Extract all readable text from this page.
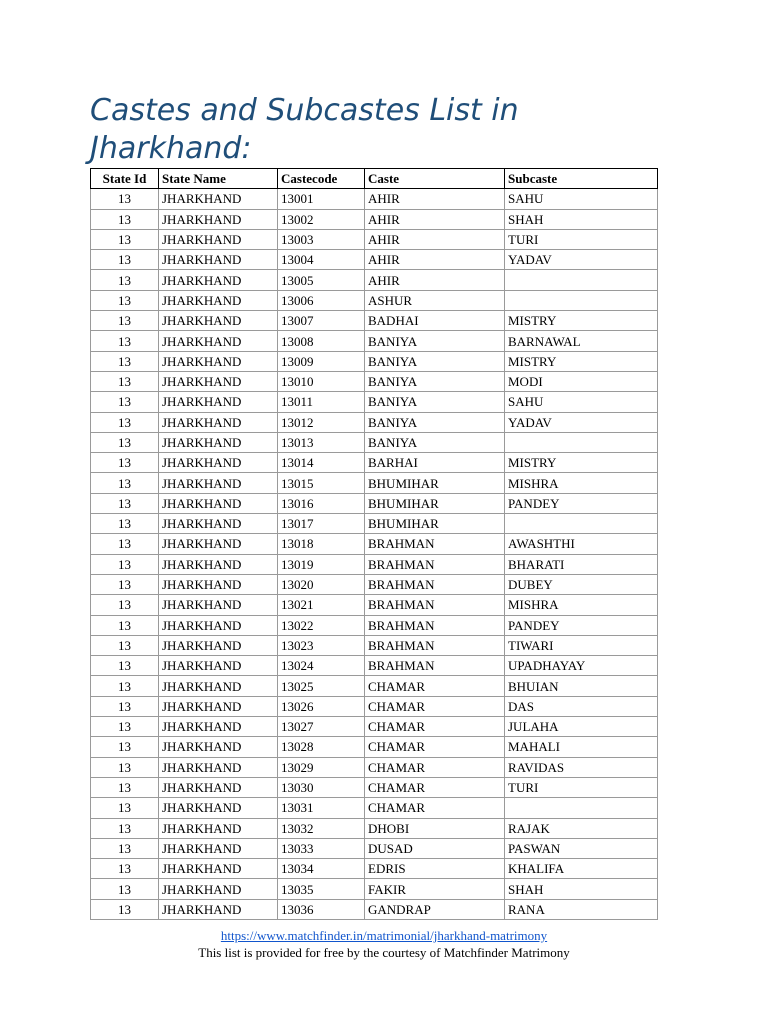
Castes and Subcastes List in Jharkhand:
State Id	State Name	Castecode	Caste	Subcaste
13	JHARKHAND	13001	AHIR	SAHU
13	JHARKHAND	13002	AHIR	SHAH
13	JHARKHAND	13003	AHIR	TURI
13	JHARKHAND	13004	AHIR	YADAV
13	JHARKHAND	13005	AHIR	
13	JHARKHAND	13006	ASHUR	
13	JHARKHAND	13007	BADHAI	MISTRY
13	JHARKHAND	13008	BANIYA	BARNAWAL
13	JHARKHAND	13009	BANIYA	MISTRY
13	JHARKHAND	13010	BANIYA	MODI
13	JHARKHAND	13011	BANIYA	SAHU
13	JHARKHAND	13012	BANIYA	YADAV
13	JHARKHAND	13013	BANIYA	
13	JHARKHAND	13014	BARHAI	MISTRY
13	JHARKHAND	13015	BHUMIHAR	MISHRA
13	JHARKHAND	13016	BHUMIHAR	PANDEY
13	JHARKHAND	13017	BHUMIHAR	
13	JHARKHAND	13018	BRAHMAN	AWASHTHI
13	JHARKHAND	13019	BRAHMAN	BHARATI
13	JHARKHAND	13020	BRAHMAN	DUBEY
13	JHARKHAND	13021	BRAHMAN	MISHRA
13	JHARKHAND	13022	BRAHMAN	PANDEY
13	JHARKHAND	13023	BRAHMAN	TIWARI
13	JHARKHAND	13024	BRAHMAN	UPADHAYAY
13	JHARKHAND	13025	CHAMAR	BHUIAN
13	JHARKHAND	13026	CHAMAR	DAS
13	JHARKHAND	13027	CHAMAR	JULAHA
13	JHARKHAND	13028	CHAMAR	MAHALI
13	JHARKHAND	13029	CHAMAR	RAVIDAS
13	JHARKHAND	13030	CHAMAR	TURI
13	JHARKHAND	13031	CHAMAR	
13	JHARKHAND	13032	DHOBI	RAJAK
13	JHARKHAND	13033	DUSAD	PASWAN
13	JHARKHAND	13034	EDRIS	KHALIFA
13	JHARKHAND	13035	FAKIR	SHAH
13	JHARKHAND	13036	GANDRAP	RANA
https://www.matchfinder.in/matrimonial/jharkhand-matrimony
This list is provided for free by the courtesy of Matchfinder Matrimony
